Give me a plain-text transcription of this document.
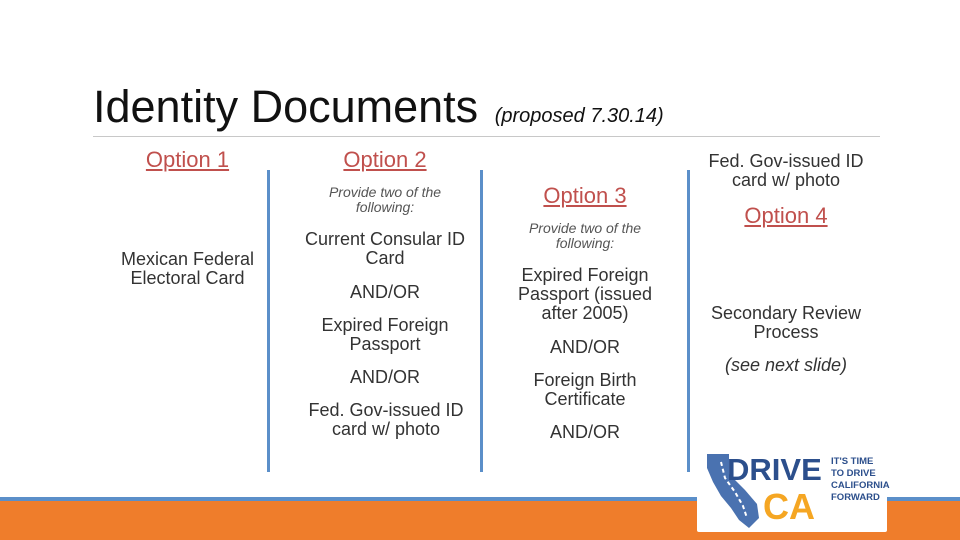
Identity Documents (proposed 7.30.14)
Option 1
Mexican Federal Electoral Card
Option 2
Provide two of the following:
Current Consular ID Card
AND/OR
Expired Foreign Passport
AND/OR
Fed. Gov-issued ID card w/ photo
Option 3
Provide two of the following:
Expired Foreign Passport (issued after 2005)
AND/OR
Foreign Birth Certificate
AND/OR
Fed. Gov-issued ID card w/ photo
Option 4
Secondary Review Process
(see next slide)
DRIVE
CA
IT'S TIME TO DRIVE CALIFORNIA FORWARD
